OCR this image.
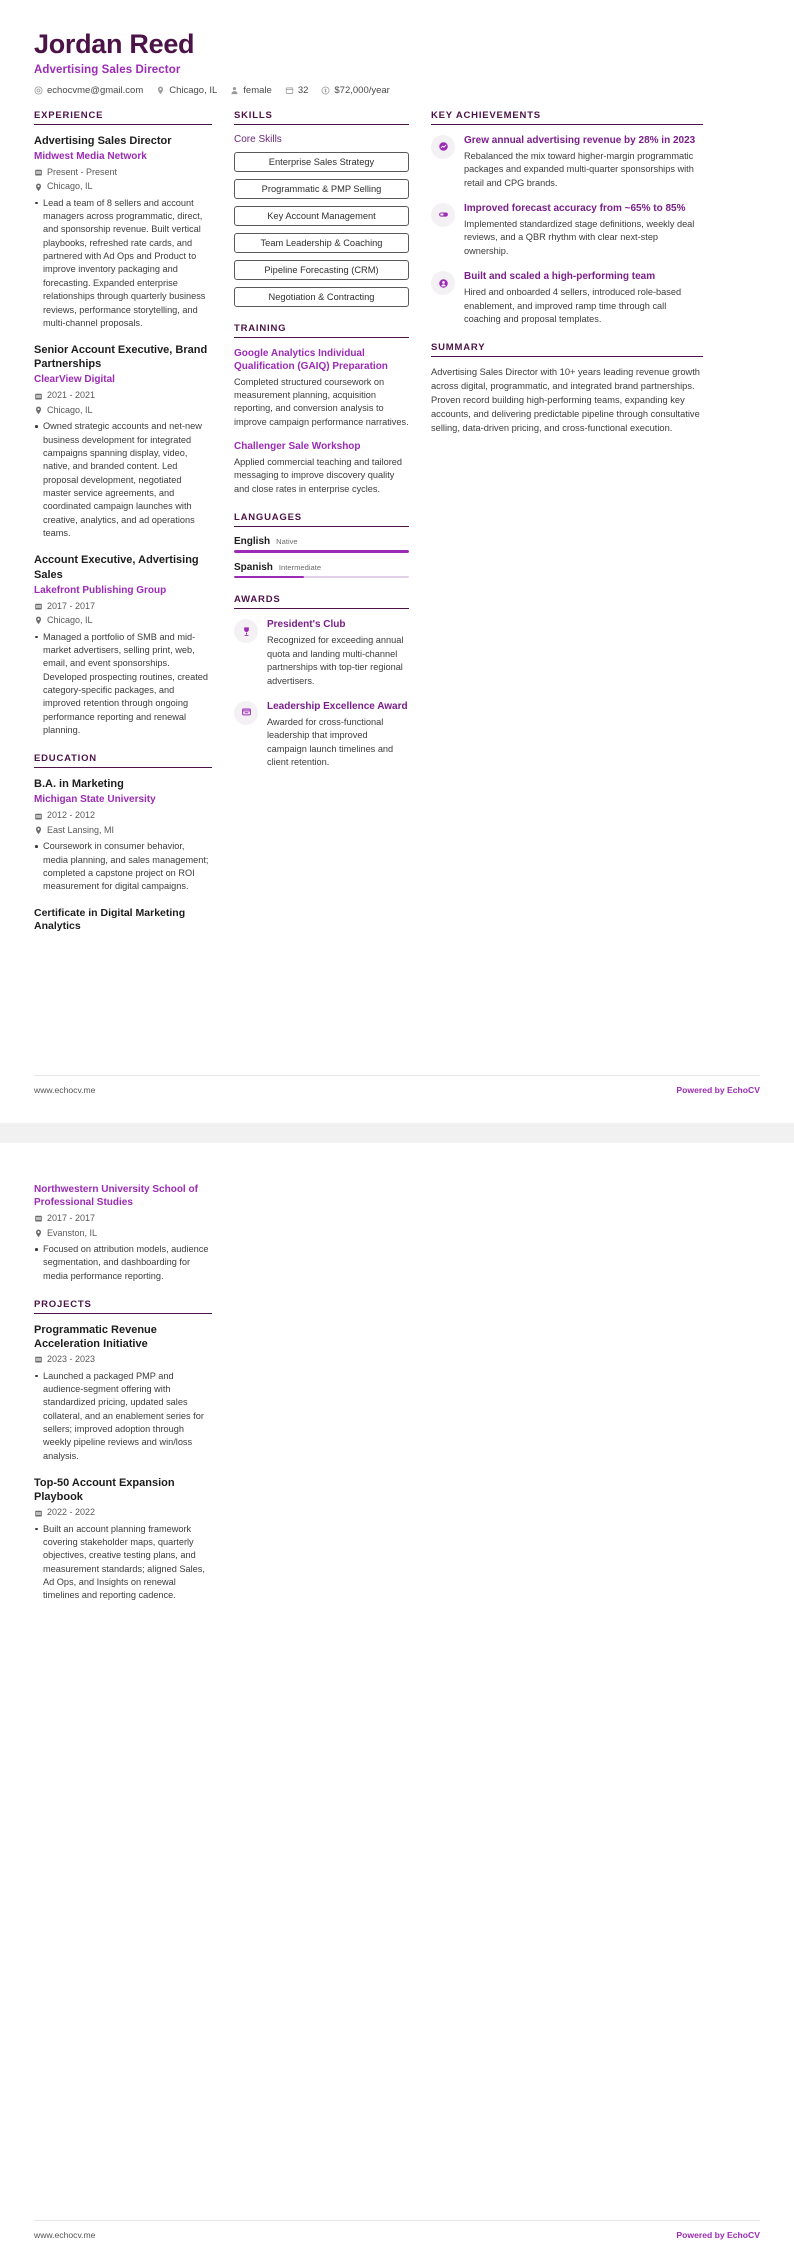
Jordan Reed
Advertising Sales Director
echocvme@gmail.com	Chicago, IL	female	32	$72,000/year
EXPERIENCE
Advertising Sales Director
Midwest Media Network
Present - Present
Chicago, IL
Lead a team of 8 sellers and account managers across programmatic, direct, and sponsorship revenue. Built vertical playbooks, refreshed rate cards, and partnered with Ad Ops and Product to improve inventory packaging and forecasting. Expanded enterprise relationships through quarterly business reviews, performance storytelling, and multi-channel proposals.
Senior Account Executive, Brand Partnerships
ClearView Digital
2021 - 2021
Chicago, IL
Owned strategic accounts and net-new business development for integrated campaigns spanning display, video, native, and branded content. Led proposal development, negotiated master service agreements, and coordinated campaign launches with creative, analytics, and ad operations teams.
Account Executive, Advertising Sales
Lakefront Publishing Group
2017 - 2017
Chicago, IL
Managed a portfolio of SMB and mid-market advertisers, selling print, web, email, and event sponsorships. Developed prospecting routines, created category-specific packages, and improved retention through ongoing performance reporting and renewal planning.
EDUCATION
B.A. in Marketing
Michigan State University
2012 - 2012
East Lansing, MI
Coursework in consumer behavior, media planning, and sales management; completed a capstone project on ROI measurement for digital campaigns.
Certificate in Digital Marketing Analytics
SKILLS
Core Skills
Enterprise Sales Strategy
Programmatic & PMP Selling
Key Account Management
Team Leadership & Coaching
Pipeline Forecasting (CRM)
Negotiation & Contracting
TRAINING
Google Analytics Individual Qualification (GAIQ) Preparation
Completed structured coursework on measurement planning, acquisition reporting, and conversion analysis to improve campaign performance narratives.
Challenger Sale Workshop
Applied commercial teaching and tailored messaging to improve discovery quality and close rates in enterprise cycles.
LANGUAGES
English Native
Spanish Intermediate
AWARDS
President's Club
Recognized for exceeding annual quota and landing multi-channel partnerships with top-tier regional advertisers.
Leadership Excellence Award
Awarded for cross-functional leadership that improved campaign launch timelines and client retention.
KEY ACHIEVEMENTS
Grew annual advertising revenue by 28% in 2023
Rebalanced the mix toward higher-margin programmatic packages and expanded multi-quarter sponsorships with retail and CPG brands.
Improved forecast accuracy from ~65% to 85%
Implemented standardized stage definitions, weekly deal reviews, and a QBR rhythm with clear next-step ownership.
Built and scaled a high-performing team
Hired and onboarded 4 sellers, introduced role-based enablement, and improved ramp time through call coaching and proposal templates.
SUMMARY
Advertising Sales Director with 10+ years leading revenue growth across digital, programmatic, and integrated brand partnerships. Proven record building high-performing teams, expanding key accounts, and delivering predictable pipeline through consultative selling, data-driven pricing, and cross-functional execution.
www.echocv.me	Powered by EchoCV
Northwestern University School of Professional Studies
2017 - 2017
Evanston, IL
Focused on attribution models, audience segmentation, and dashboarding for media performance reporting.
PROJECTS
Programmatic Revenue Acceleration Initiative
2023 - 2023
Launched a packaged PMP and audience-segment offering with standardized pricing, updated sales collateral, and an enablement series for sellers; improved adoption through weekly pipeline reviews and win/loss analysis.
Top-50 Account Expansion Playbook
2022 - 2022
Built an account planning framework covering stakeholder maps, quarterly objectives, creative testing plans, and measurement standards; aligned Sales, Ad Ops, and Insights on renewal timelines and reporting cadence.
www.echocv.me	Powered by EchoCV
